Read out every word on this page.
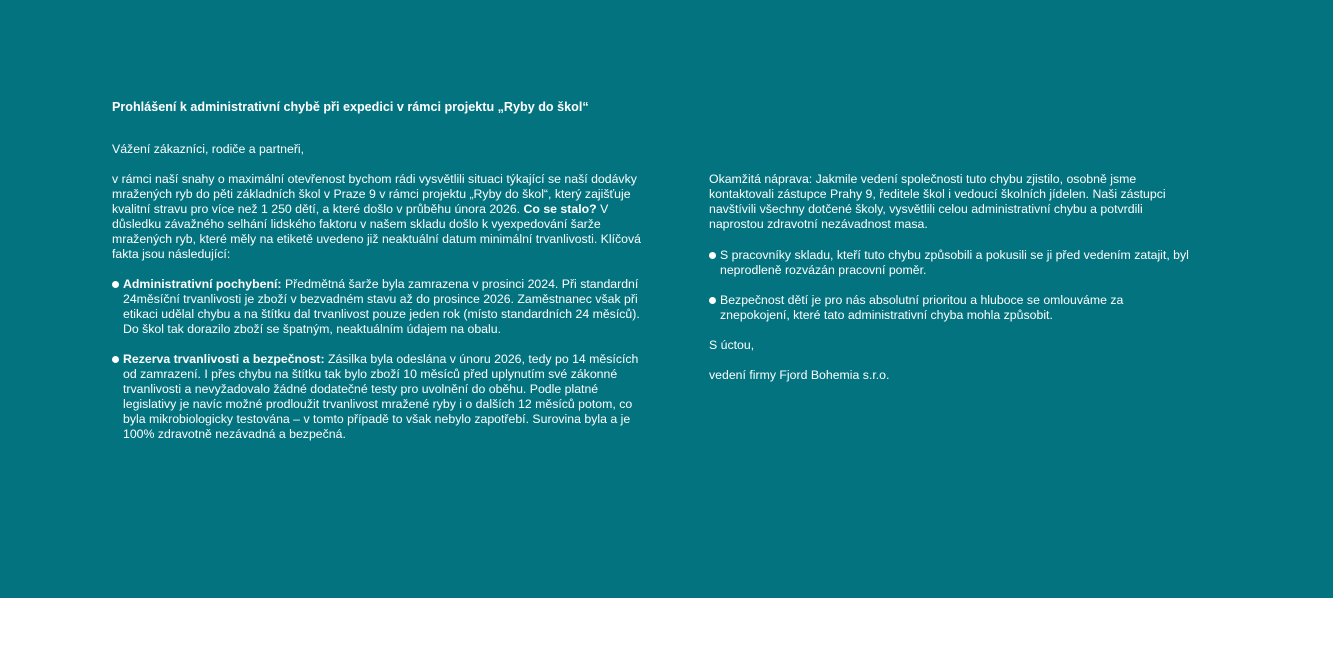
Prohlášení k administrativní chybě při expedici v rámci projektu „Ryby do škol“

Vážení zákazníci, rodiče a partneři,

v rámci naší snahy o maximální otevřenost bychom rádi vysvětlili situaci týkající se naší dodávky mražených ryb do pěti základních škol v Praze 9 v rámci projektu „Ryby do škol“, který zajišťuje kvalitní stravu pro více než 1 250 dětí, a které došlo v průběhu února 2026. Co se stalo? V důsledku závažného selhání lidského faktoru v našem skladu došlo k vyexpedování šarže mražených ryb, které měly na etiketě uvedeno již neaktuální datum minimální trvanlivosti. Klíčová fakta jsou následující:

Administrativní pochybení: Předmětná šarže byla zamrazena v prosinci 2024. Při standardní 24měsíční trvanlivosti je zboží v bezvadném stavu až do prosince 2026. Zaměstnanec však při etikaci udělal chybu a na štítku dal trvanlivost pouze jeden rok (místo standardních 24 měsíců). Do škol tak dorazilo zboží se špatným, neaktuálním údajem na obalu.
Rezerva trvanlivosti a bezpečnost: Zásilka byla odeslána v únoru 2026, tedy po 14 měsících od zamrazení. I přes chybu na štítku tak bylo zboží 10 měsíců před uplynutím své zákonné trvanlivosti a nevyžadovalo žádné dodatečné testy pro uvolnění do oběhu. Podle platné legislativy je navíc možné prodloužit trvanlivost mražené ryby i o dalších 12 měsíců potom, co byla mikrobiologicky testována – v tomto případě to však nebylo zapotřebí. Surovina byla a je 100% zdravotně nezávadná a bezpečná.

Okamžitá náprava: Jakmile vedení společnosti tuto chybu zjistilo, osobně jsme kontaktovali zástupce Prahy 9, ředitele škol i vedoucí školních jídelen. Naši zástupci navštívili všechny dotčené školy, vysvětlili celou administrativní chybu a potvrdili naprostou zdravotní nezávadnost masa.

S pracovníky skladu, kteří tuto chybu způsobili a pokusili se ji před vedením zatajit, byl neprodleně rozvázán pracovní poměr.
Bezpečnost dětí je pro nás absolutní prioritou a hluboce se omlouváme za znepokojení, které tato administrativní chyba mohla způsobit.

S úctou,

vedení firmy Fjord Bohemia s.r.o.
